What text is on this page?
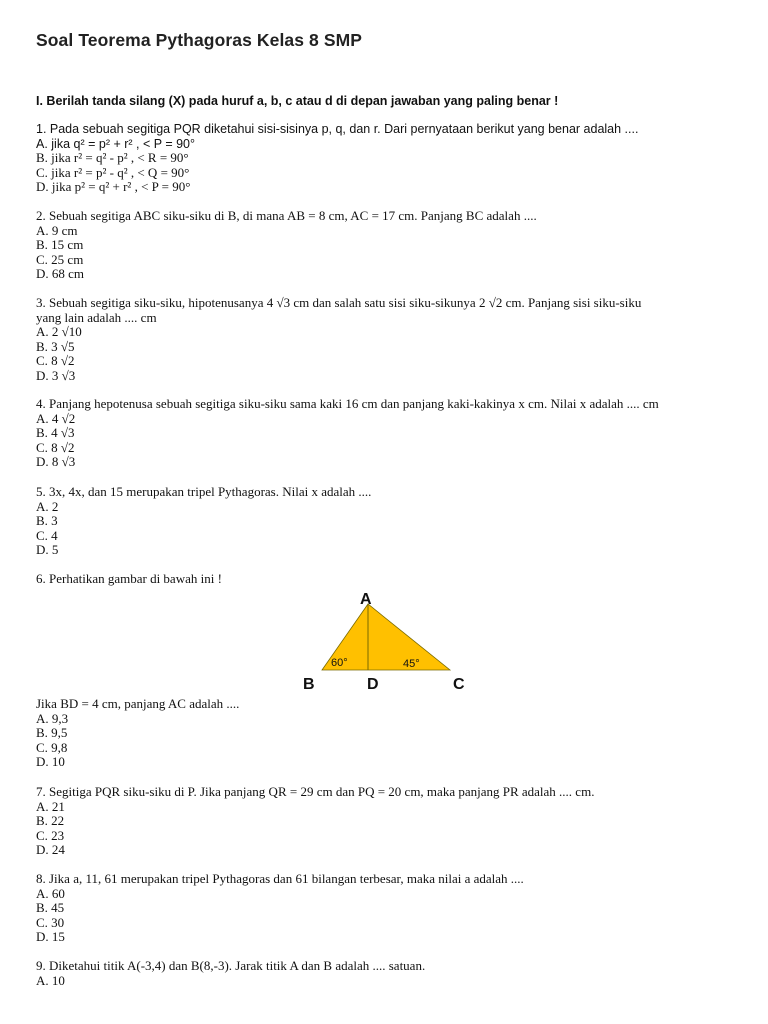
Soal Teorema Pythagoras Kelas 8 SMP
I. Berilah tanda silang (X) pada huruf a, b, c atau d di depan jawaban yang paling benar !
1. Pada sebuah segitiga PQR diketahui sisi-sisinya p, q, dan r. Dari pernyataan berikut yang benar adalah ....
A. jika q² = p² + r² , < P = 90°
B. jika r² = q² - p² , < R = 90°
C. jika r² = p² - q² , < Q = 90°
D. jika p² = q² + r² , < P = 90°
2. Sebuah segitiga ABC siku-siku di B, di mana AB = 8 cm, AC = 17 cm. Panjang BC adalah ....
A. 9 cm
B. 15 cm
C. 25 cm
D. 68 cm
3. Sebuah segitiga siku-siku, hipotenusanya 4 √3 cm dan salah satu sisi siku-sikunya 2 √2 cm. Panjang sisi siku-siku
yang lain adalah .... cm
A. 2 √10
B. 3 √5
C. 8 √2
D. 3 √3
4. Panjang hepotenusa sebuah segitiga siku-siku sama kaki 16 cm dan panjang kaki-kakinya x cm. Nilai x adalah .... cm
A. 4 √2
B. 4 √3
C. 8 √2
D. 8 √3
5. 3x, 4x, dan 15 merupakan tripel Pythagoras. Nilai x adalah ....
A. 2
B. 3
C. 4
D. 5
6. Perhatikan gambar di bawah ini !
A
B	D	C
60°	45°
Jika BD = 4 cm, panjang AC adalah ....
A. 9,3
B. 9,5
C. 9,8
D. 10
7. Segitiga PQR siku-siku di P. Jika panjang QR = 29 cm dan PQ = 20 cm, maka panjang PR adalah .... cm.
A. 21
B. 22
C. 23
D. 24
8. Jika a, 11, 61 merupakan tripel Pythagoras dan 61 bilangan terbesar, maka nilai a adalah ....
A. 60
B. 45
C. 30
D. 15
9. Diketahui titik A(-3,4) dan B(8,-3). Jarak titik A dan B adalah .... satuan.
A. 10
